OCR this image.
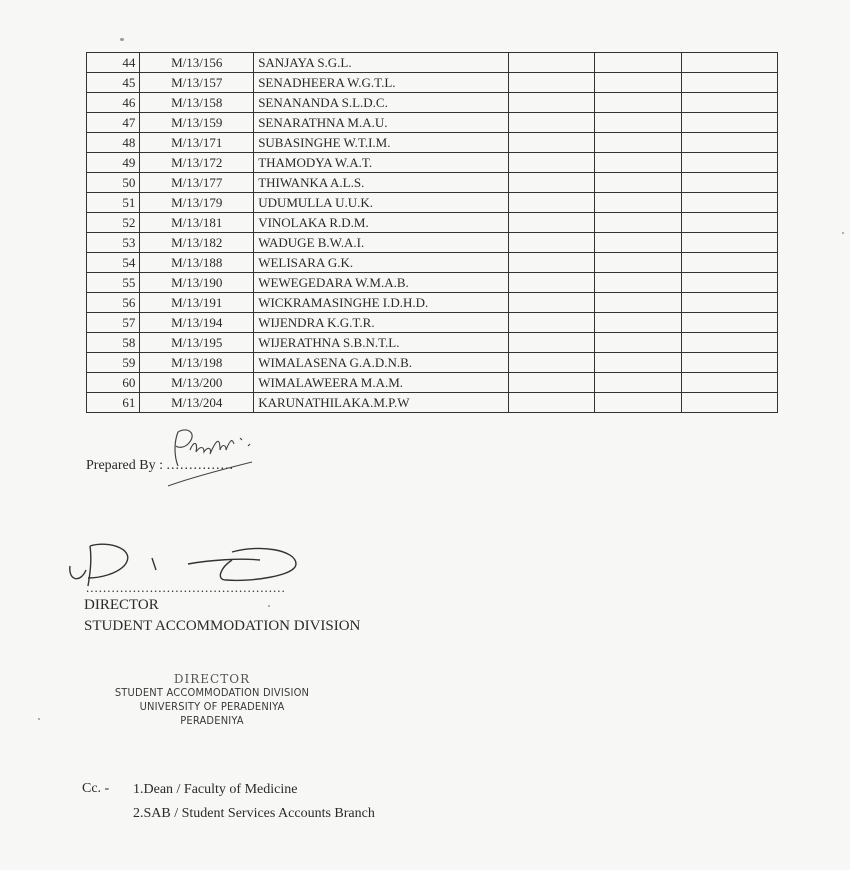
44	M/13/156	SANJAYA S.G.L.			
45	M/13/157	SENADHEERA W.G.T.L.			
46	M/13/158	SENANANDA S.L.D.C.			
47	M/13/159	SENARATHNA M.A.U.			
48	M/13/171	SUBASINGHE W.T.I.M.			
49	M/13/172	THAMODYA W.A.T.			
50	M/13/177	THIWANKA A.L.S.			
51	M/13/179	UDUMULLA U.U.K.			
52	M/13/181	VINOLAKA R.D.M.			
53	M/13/182	WADUGE B.W.A.I.			
54	M/13/188	WELISARA G.K.			
55	M/13/190	WEWEGEDARA W.M.A.B.			
56	M/13/191	WICKRAMASINGHE I.D.H.D.			
57	M/13/194	WIJENDRA K.G.T.R.			
58	M/13/195	WIJERATHNA S.B.N.T.L.			
59	M/13/198	WIMALASENA G.A.D.N.B.			
60	M/13/200	WIMALAWEERA M.A.M.			
61	M/13/204	KARUNATHILAKA.M.P.W			
Prepared By : ...............
...............................................
DIRECTOR
STUDENT ACCOMMODATION DIVISION
DIRECTOR
STUDENT ACCOMMODATION DIVISION
UNIVERSITY OF PERADENIYA
PERADENIYA
Cc. - 1.Dean / Faculty of Medicine
2.SAB / Student Services Accounts Branch
